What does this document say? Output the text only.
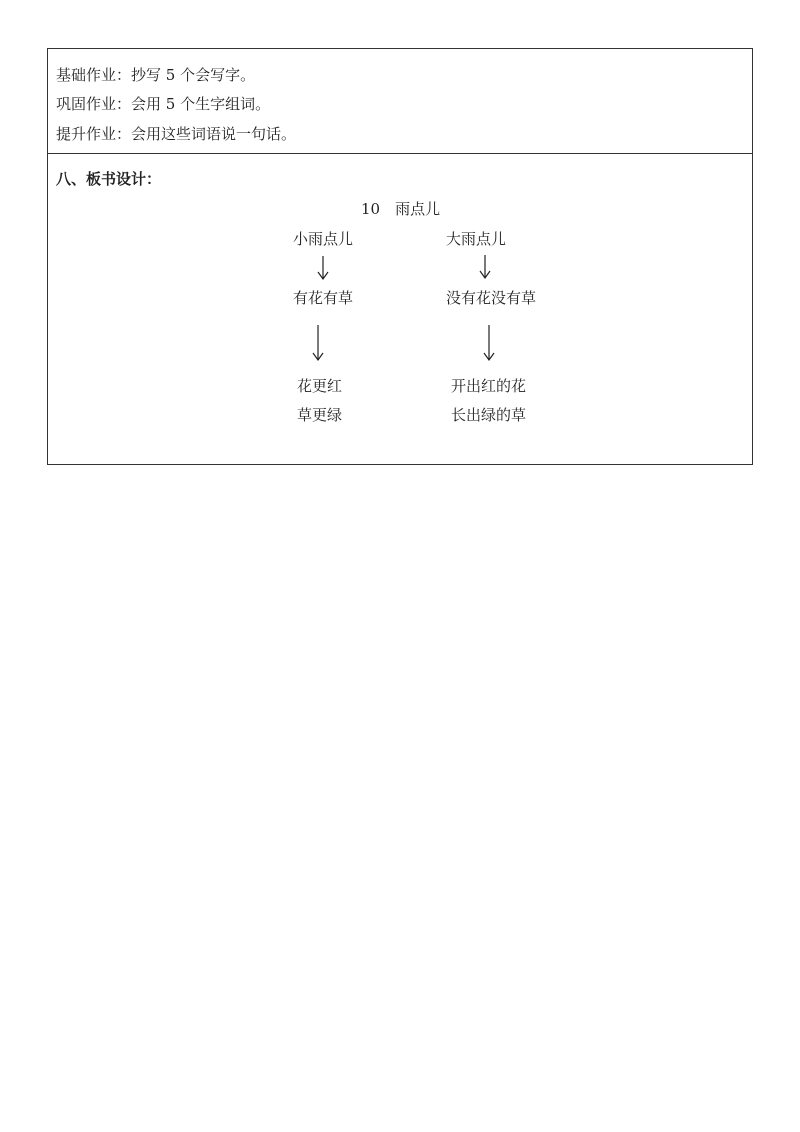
基础作业：抄写 5 个会写字。
巩固作业：会用 5 个生字组词。
提升作业：会用这些词语说一句话。
八、板书设计：
10　雨点儿
小雨点儿
有花有草
花更红
草更绿
大雨点儿
没有花没有草
开出红的花
长出绿的草
